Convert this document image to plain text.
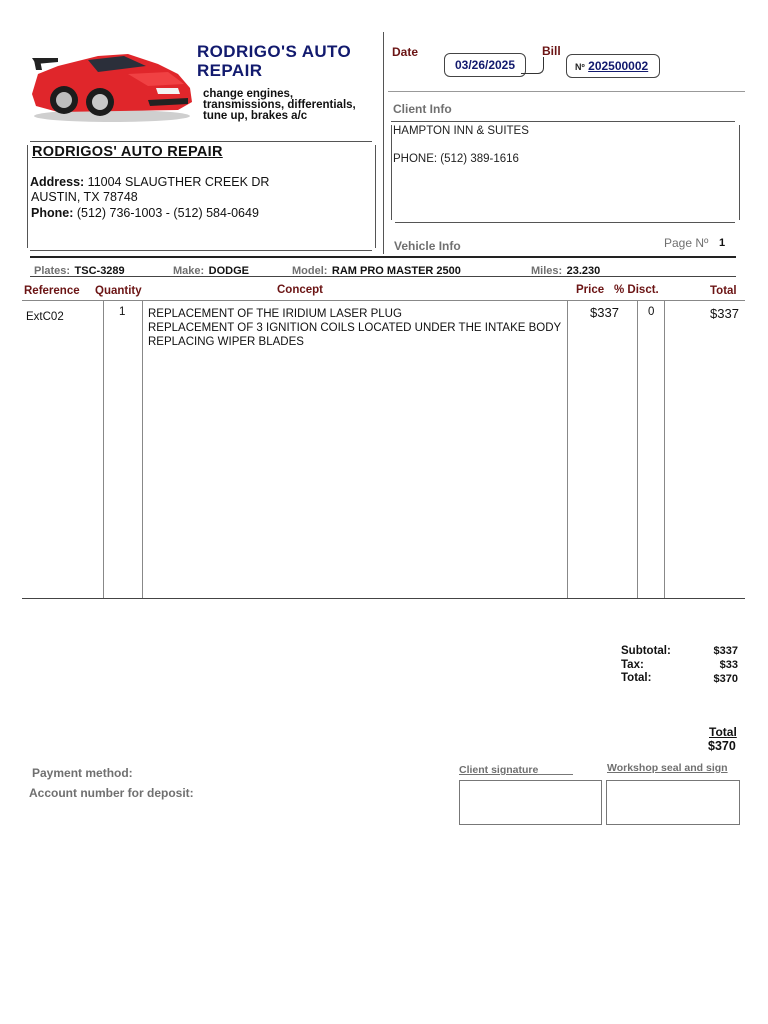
RODRIGO'S AUTO
REPAIR
change engines,
transmissions, differentials,
tune up, brakes a/c
RODRIGOS' AUTO REPAIR
Address: 11004 SLAUGTHER CREEK DR
AUSTIN, TX 78748
Phone: (512) 736-1003 - (512) 584-0649
Date
03/26/2025
Bill
Nº 202500002
Client Info
HAMPTON INN & SUITES
PHONE: (512) 389-1616
Vehicle Info	Page Nº 1
Plates: TSC-3289	Make: DODGE	Model: RAM PRO MASTER 2500	Miles: 23.230
Reference Quantity	Concept	Price % Disct.	Total
ExtC02	1 REPLACEMENT OF THE IRIDIUM LASER PLUG
REPLACEMENT OF 3 IGNITION COILS LOCATED UNDER THE INTAKE BODY
REPLACING WIPER BLADES
$337	0	$337
Subtotal:	$337
Tax:	$33
Total:	$370
Total
$370
Payment method:
Account number for deposit:
Client signature	Workshop seal and sign
